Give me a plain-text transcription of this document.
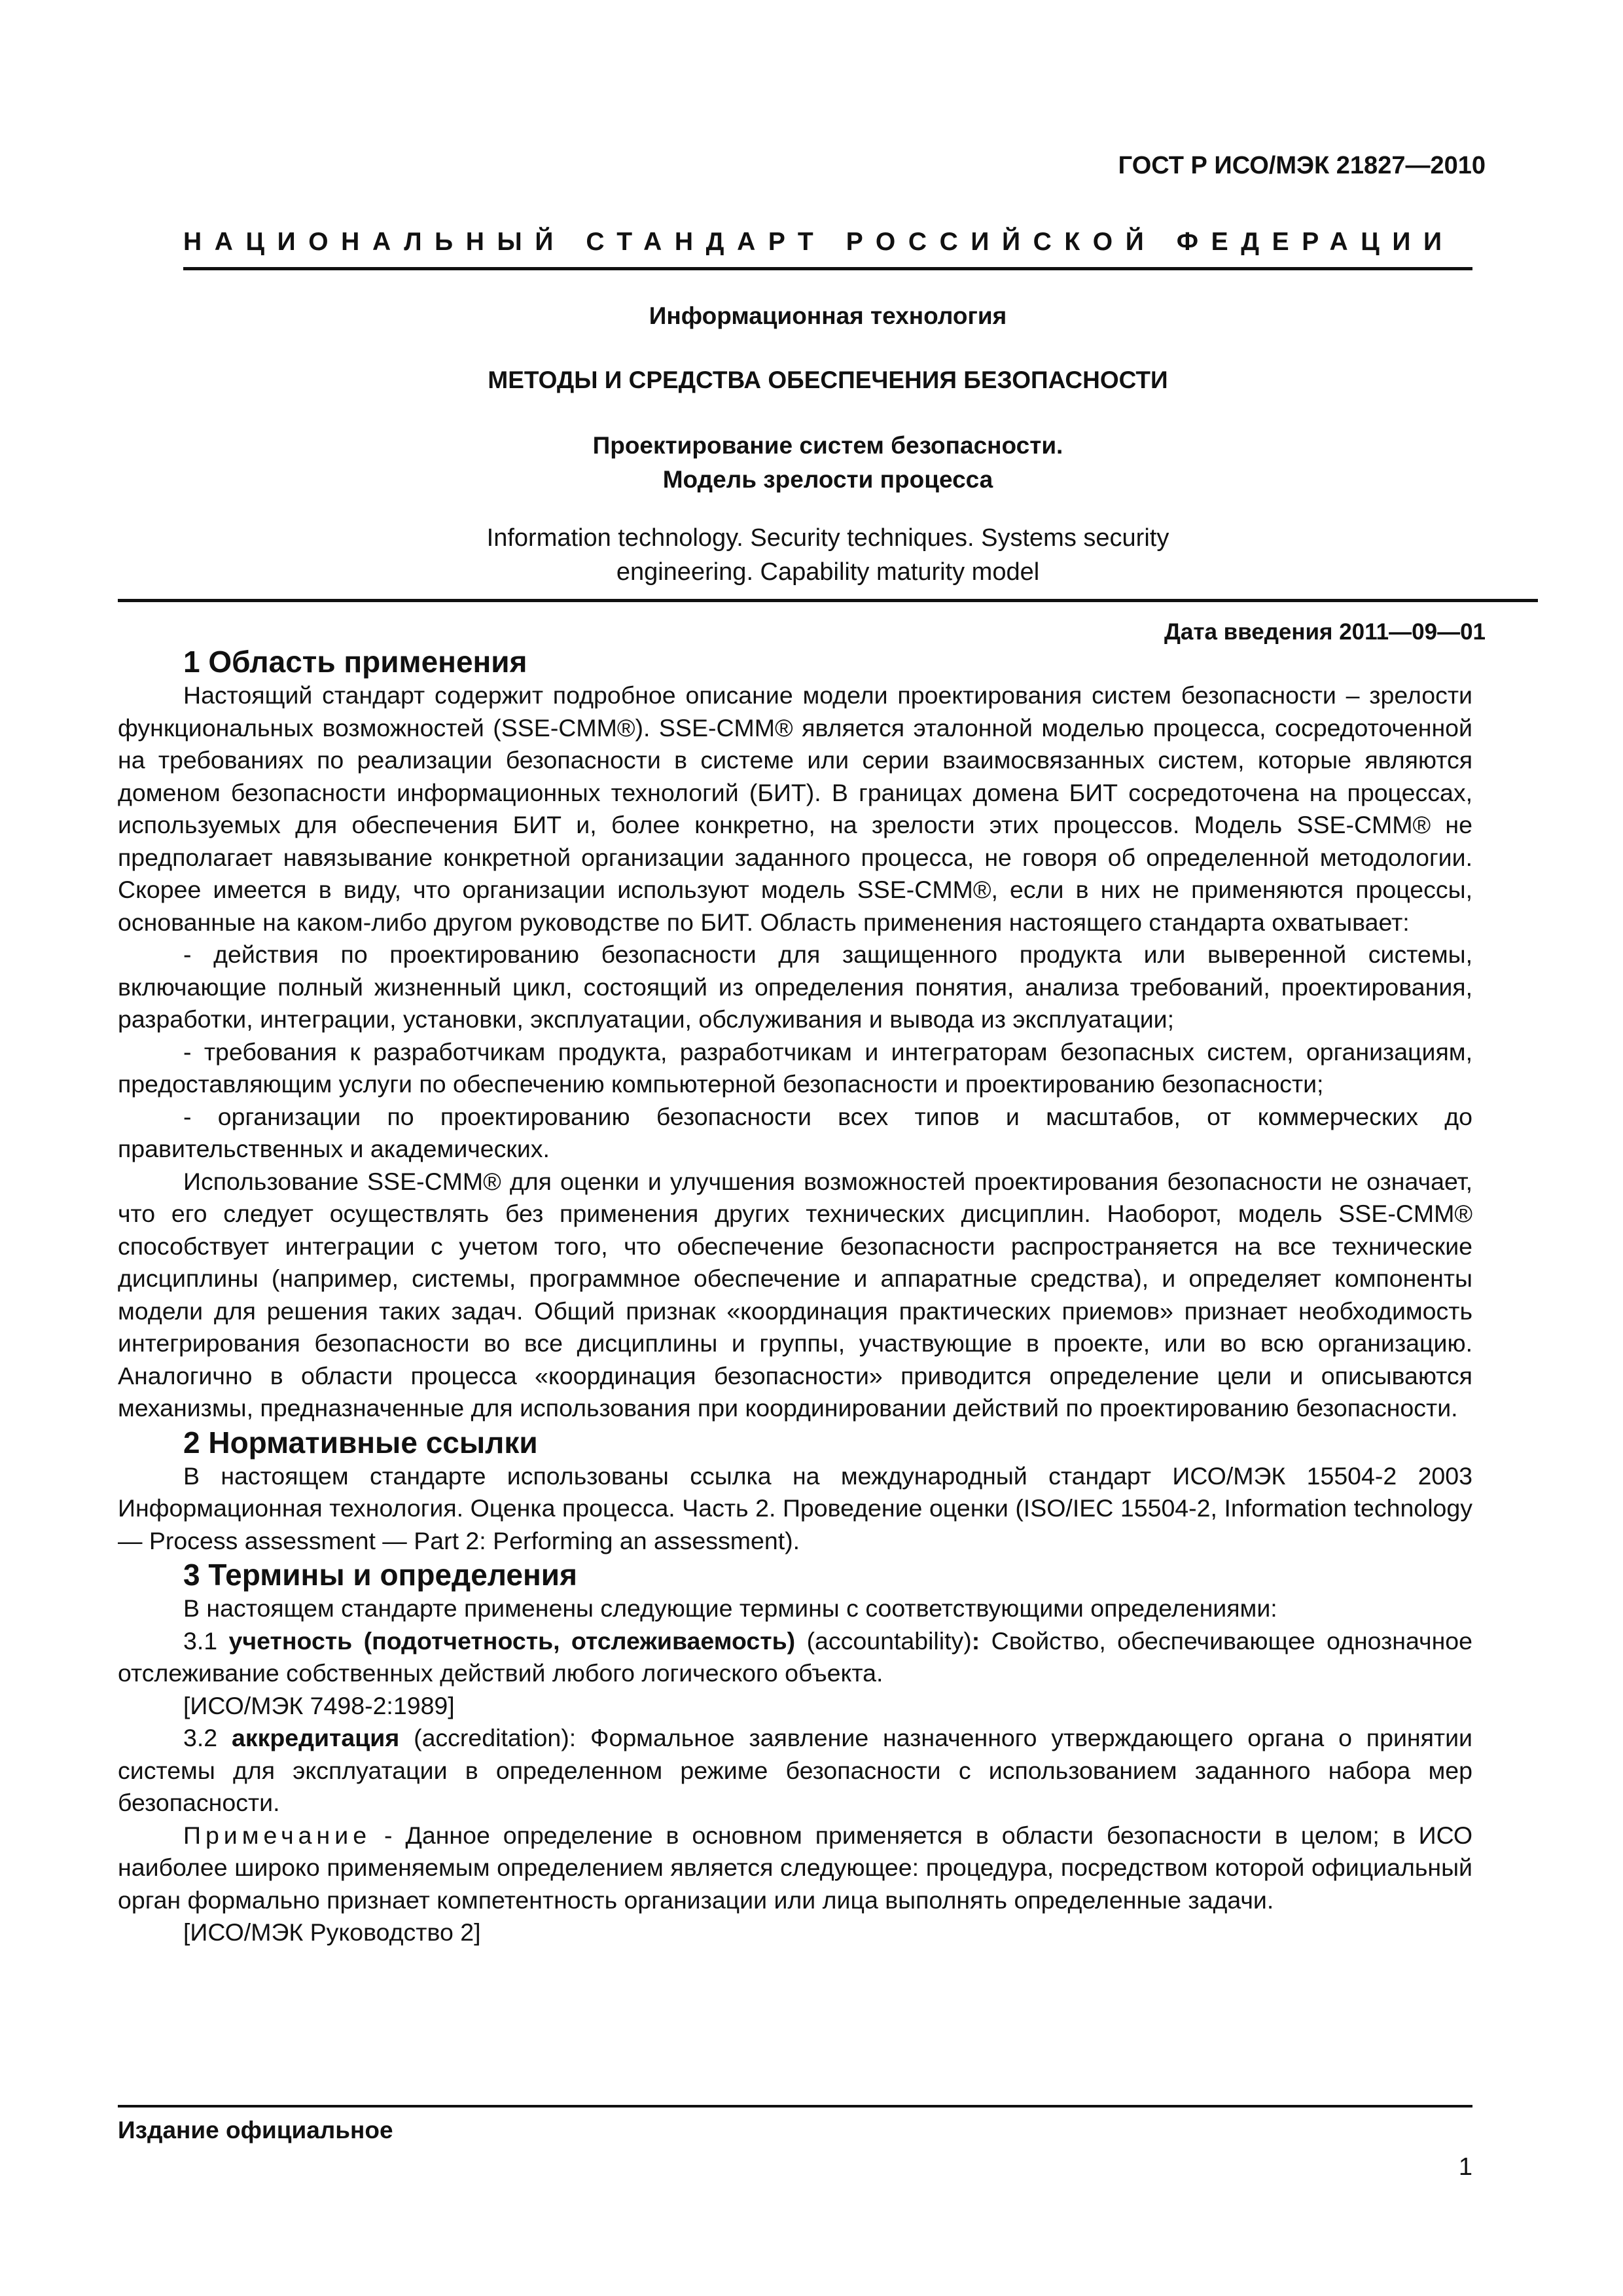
ГОСТ Р ИСО/МЭК 21827—2010
НАЦИОНАЛЬНЫЙ СТАНДАРТ РОССИЙСКОЙ ФЕДЕРАЦИИ
Информационная технология
МЕТОДЫ И СРЕДСТВА ОБЕСПЕЧЕНИЯ БЕЗОПАСНОСТИ
Проектирование систем безопасности.
Модель зрелости процесса
Information technology. Security techniques. Systems security
engineering. Capability maturity model
Дата введения 2011—09—01
1 Область применения

Настоящий стандарт содержит подробное описание модели проектирования систем безопасности – зрелости функциональных возможностей (SSE-CMM®). SSE-CMM® является эталонной моделью процесса, сосредоточенной на требованиях по реализации безопасности в системе или серии взаимосвязанных систем, которые являются доменом безопасности информационных технологий (БИТ). В границах домена БИТ сосредоточена на процессах, используемых для обеспечения БИТ и, более конкретно, на зрелости этих процессов. Модель SSE-CMM® не предполагает навязывание конкретной организации заданного процесса, не говоря об определенной методологии. Скорее имеется в виду, что организации используют модель SSE-CMM®, если в них не применяются процессы, основанные на каком-либо другом руководстве по БИТ. Область применения настоящего стандарта охватывает:

- действия по проектированию безопасности для защищенного продукта или выверенной системы, включающие полный жизненный цикл, состоящий из определения понятия, анализа требований, проектирования, разработки, интеграции, установки, эксплуатации, обслуживания и вывода из эксплуатации;

- требования к разработчикам продукта, разработчикам и интеграторам безопасных систем, организациям, предоставляющим услуги по обеспечению компьютерной безопасности и проектированию безопасности;

- организации по проектированию безопасности всех типов и масштабов, от коммерческих до правительственных и академических.

Использование SSE-CMM® для оценки и улучшения возможностей проектирования безопасности не означает, что его следует осуществлять без применения других технических дисциплин. Наоборот, модель SSE-CMM® способствует интеграции с учетом того, что обеспечение безопасности распространяется на все технические дисциплины (например, системы, программное обеспечение и аппаратные средства), и определяет компоненты модели для решения таких задач. Общий признак «координация практических приемов» признает необходимость интегрирования безопасности во все дисциплины и группы, участвующие в проекте, или во всю организацию. Аналогично в области процесса «координация безопасности» приводится определение цели и описываются механизмы, предназначенные для использования при координировании действий по проектированию безопасности.

2 Нормативные ссылки

В настоящем стандарте использованы ссылка на международный стандарт ИСО/МЭК 15504-2 2003 Информационная технология. Оценка процесса. Часть 2. Проведение оценки (ISO/IEC 15504-2, Information technology — Process assessment — Part 2: Performing an assessment).

3 Термины и определения

В настоящем стандарте применены следующие термины с соответствующими определениями:

3.1 учетность (подотчетность, отслеживаемость) (accountability): Свойство, обеспечивающее однозначное отслеживание собственных действий любого логического объекта.

[ИСО/МЭК 7498-2:1989]

3.2 аккредитация (accreditation): Формальное заявление назначенного утверждающего органа о принятии системы для эксплуатации в определенном режиме безопасности с использованием заданного набора мер безопасности.

Примечание - Данное определение в основном применяется в области безопасности в целом; в ИСО наиболее широко применяемым определением является следующее: процедура, посредством которой официальный орган формально признает компетентность организации или лица выполнять определенные задачи.

[ИСО/МЭК Руководство 2]

Издание официальное
1
